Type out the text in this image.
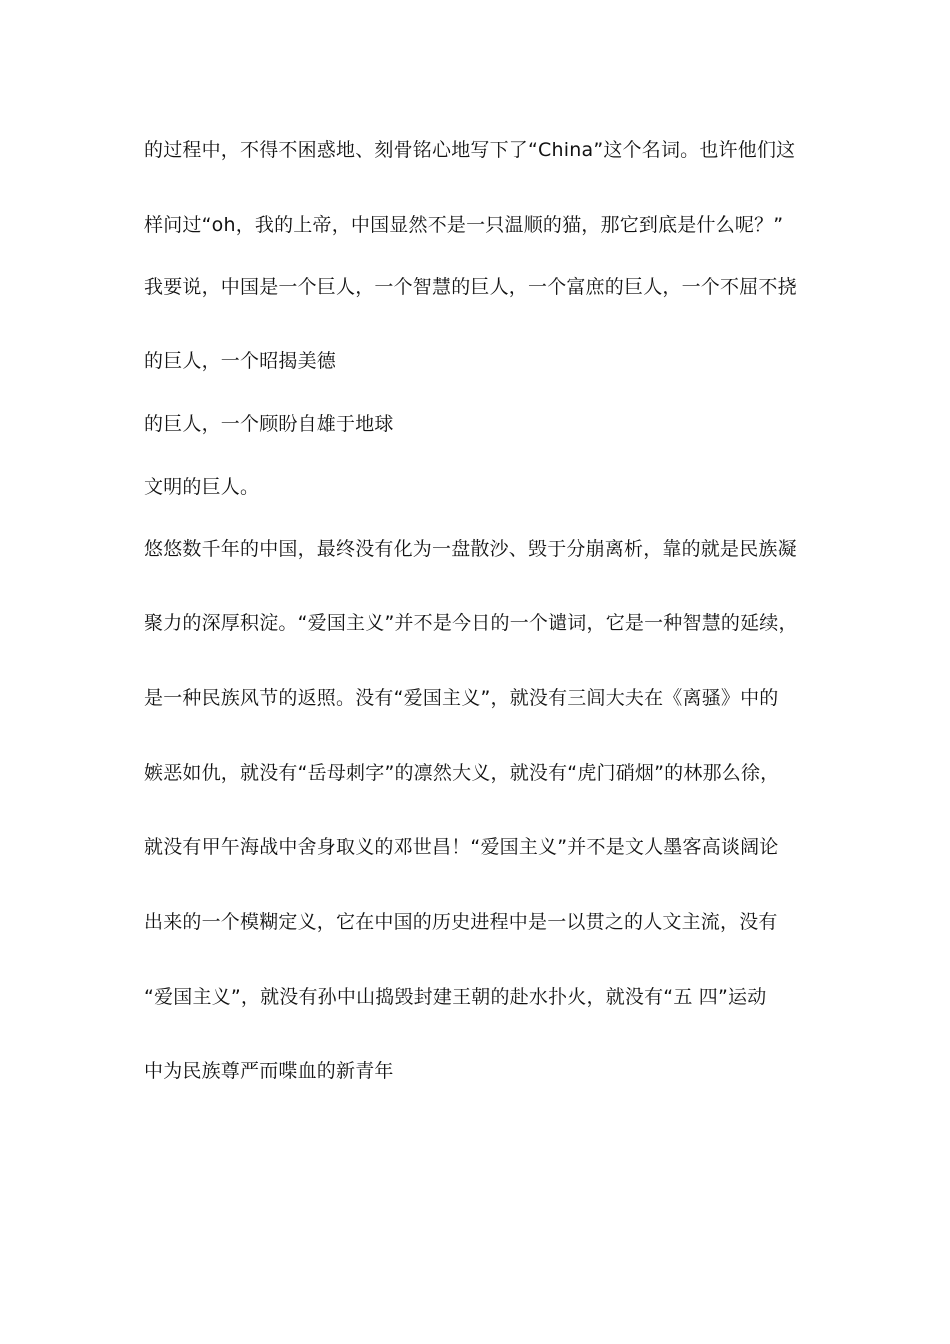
的过程中，不得不困惑地、刻骨铭心地写下了“China”这个名词。也许他们这
样问过“oh，我的上帝，中国显然不是一只温顺的猫，那它到底是什么呢？”
我要说，中国是一个巨人，一个智慧的巨人，一个富庶的巨人，一个不屈不挠
的巨人，一个昭揭美德
的巨人，一个顾盼自雄于地球
文明的巨人。
悠悠数千年的中国，最终没有化为一盘散沙、毁于分崩离析，靠的就是民族凝
聚力的深厚积淀。“爱国主义”并不是今日的一个谴词，它是一种智慧的延续，
是一种民族风节的返照。没有“爱国主义”，就没有三闾大夫在《离骚》中的
嫉恶如仇，就没有“岳母刺字”的凛然大义，就没有“虎门硝烟”的林那么徐，
就没有甲午海战中舍身取义的邓世昌！“爱国主义”并不是文人墨客高谈阔论
出来的一个模糊定义，它在中国的历史进程中是一以贯之的人文主流，没有
“爱国主义”，就没有孙中山捣毁封建王朝的赴水扑火，就没有“五 四”运动
中为民族尊严而喋血的新青年
